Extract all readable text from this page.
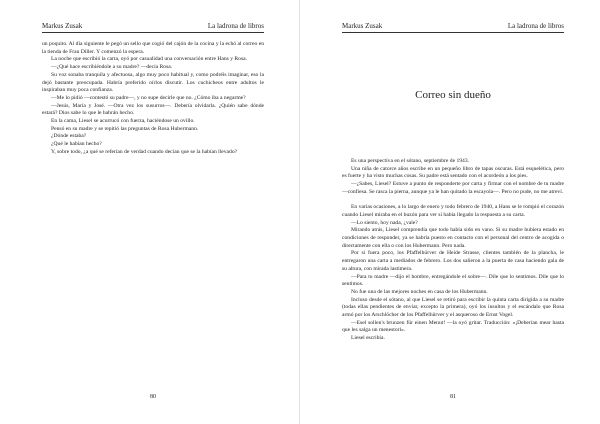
Markus Zusak	La ladrona de libros

un poquito. Al día siguiente le pegó un sello que cogió del cajón de la cocina y la echó al correo en la tienda de Frau Diller. Y comenzó la espera.

La noche que escribió la carta, oyó por casualidad una conversación entre Hans y Rosa.

—¿Qué hace escribiéndole a su madre? —decía Rosa.

Su voz sonaba tranquila y afectuosa, algo muy poco habitual y, como podréis imaginar, eso la dejó bastante preocupada. Habría preferido oírlos discutir. Los cuchicheos entre adultos le inspiraban muy poca confianza.

—Me lo pidió —contestó su padre—, y no supe decirle que no. ¿Cómo iba a negarme?

—Jesús, María y José. —Otra vez los susurros—. Debería olvidarla. ¿Quién sabe dónde estará? Dios sabe lo que le habrán hecho.

En la cama, Liesel se acurrucó con fuerza, haciéndose un ovillo.

Pensó en su madre y se repitió las preguntas de Rosa Hubermann.

¿Dónde estaba?

¿Qué le habían hecho?

Y, sobre todo, ¿a qué se referían de verdad cuando decían que se la habían llevado?

80
Markus Zusak	La ladrona de libros
Correo sin dueño

Es una perspectiva en el sótano, septiembre de 1943.

Una niña de catorce años escribe en un pequeño libro de tapas oscuras. Está esquelética, pero es fuerte y ha visto muchas cosas. Su padre está sentado con el acordeón a los pies.

—¿Sabes, Liesel? Estuve a punto de responderte por carta y firmar con el nombre de tu madre —confiesa. Se rasca la pierna, aunque ya le han quitado la escayola—. Pero no pude, no me atreví.

En varias ocasiones, a lo largo de enero y todo febrero de 1940, a Hans se le rompió el corazón cuando Liesel miraba en el buzón para ver si había llegado la respuesta a su carta.

—Lo siento, hoy nada, ¿vale?

Mirando atrás, Liesel comprendía que todo había sido en vano. Si su madre hubiera estado en condiciones de responder, ya se habría puesto en contacto con el personal del centro de acogida o directamente con ella o con los Hubermann. Pero nada.

Por si fuera poco, los Pfaffelhürver de Heide Strasse, clientes también de la plancha, le entregaron una carta a mediados de febrero. Los dos salieron a la puerta de casa haciendo gala de su altura, con mirada lastimera.

—Para tu madre —dijo el hombre, entregándole el sobre—. Dile que lo sentimos. Dile que lo sentimos.

No fue una de las mejores noches en casa de los Hubermann.

Incluso desde el sótano, al que Liesel se retiró para escribir la quinta carta dirigida a su madre (todas ellas pendientes de enviar, excepto la primera), oyó los insultos y el escándalo que Rosa armó por los Arschlöcher de los Pfaffelhürver y el asqueroso de Ernst Vogel.

—Esel sollen's brunzen für einen Menut! —la oyó gritar. Traducción: «¡Deberían mear hasta que les salga un menestorl».

Liesel escribía.

81
